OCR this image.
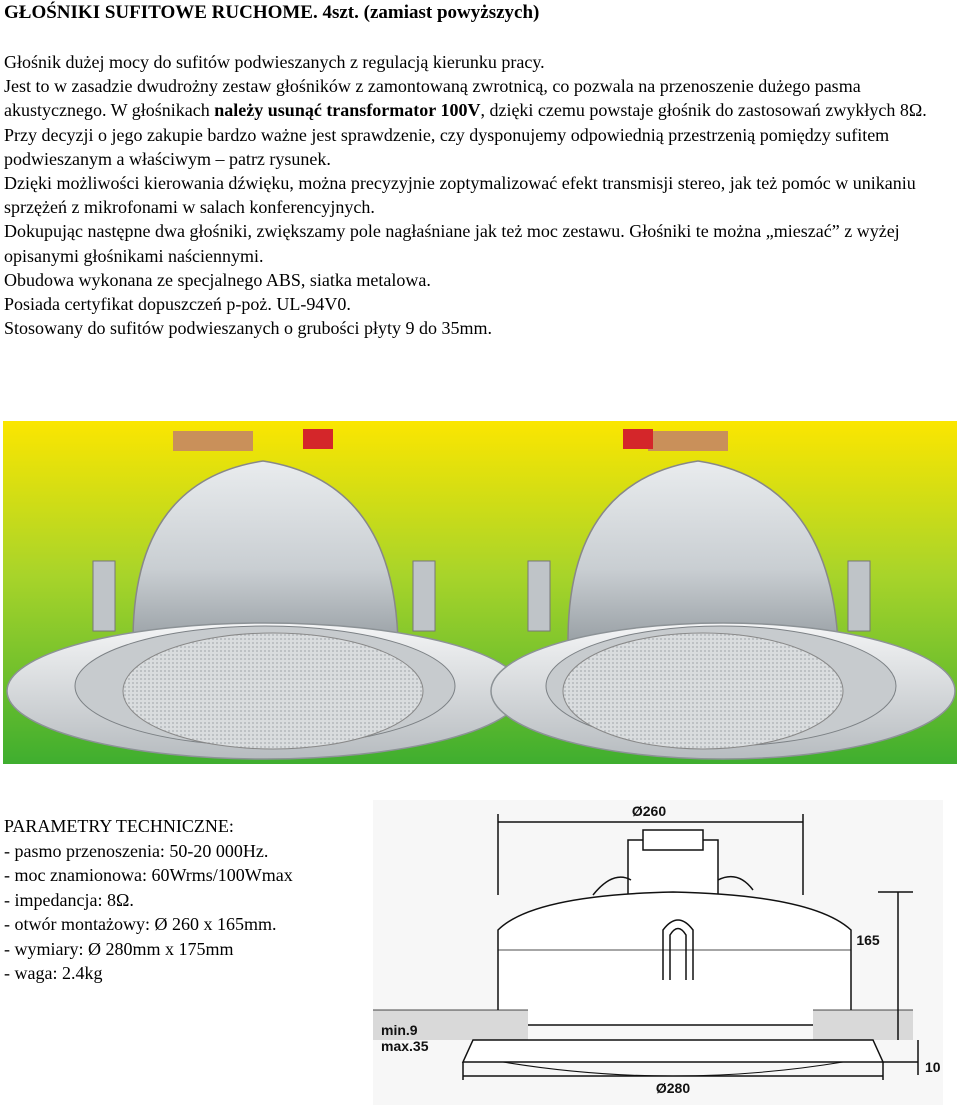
GŁOŚNIKI SUFITOWE RUCHOME. 4szt. (zamiast powyższych)

Głośnik dużej mocy do sufitów podwieszanych z regulacją kierunku pracy.

Jest to w zasadzie dwudrożny zestaw głośników z zamontowaną zwrotnicą, co pozwala na przenoszenie dużego pasma akustycznego. W głośnikach należy usunąć transformator 100V, dzięki czemu powstaje głośnik do zastosowań zwykłych 8Ω.

Przy decyzji o jego zakupie bardzo ważne jest sprawdzenie, czy dysponujemy odpowiednią przestrzenią pomiędzy sufitem podwieszanym a właściwym – patrz rysunek.

Dzięki możliwości kierowania dźwięku, można precyzyjnie zoptymalizować efekt transmisji stereo, jak też pomóc w unikaniu sprzężeń z mikrofonami w salach konferencyjnych.

Dokupując następne dwa głośniki, zwiększamy pole nagłaśniane jak też moc zestawu. Głośniki te można „mieszać” z wyżej opisanymi głośnikami naściennymi.

Obudowa wykonana ze specjalnego ABS, siatka metalowa.

Posiada certyfikat dopuszczeń p-poż. UL-94V0.

Stosowany do sufitów podwieszanych o grubości płyty 9 do 35mm.

PARAMETRY TECHNICZNE:
- pasmo przenoszenia: 50-20 000Hz.
- moc znamionowa: 60Wrms/100Wmax
- impedancja: 8Ω.
- otwór montażowy: Ø 260 x 165mm.
- wymiary: Ø 280mm x 175mm
- waga: 2.4kg
Ø260
165
10
min.9
max.35
Ø280
